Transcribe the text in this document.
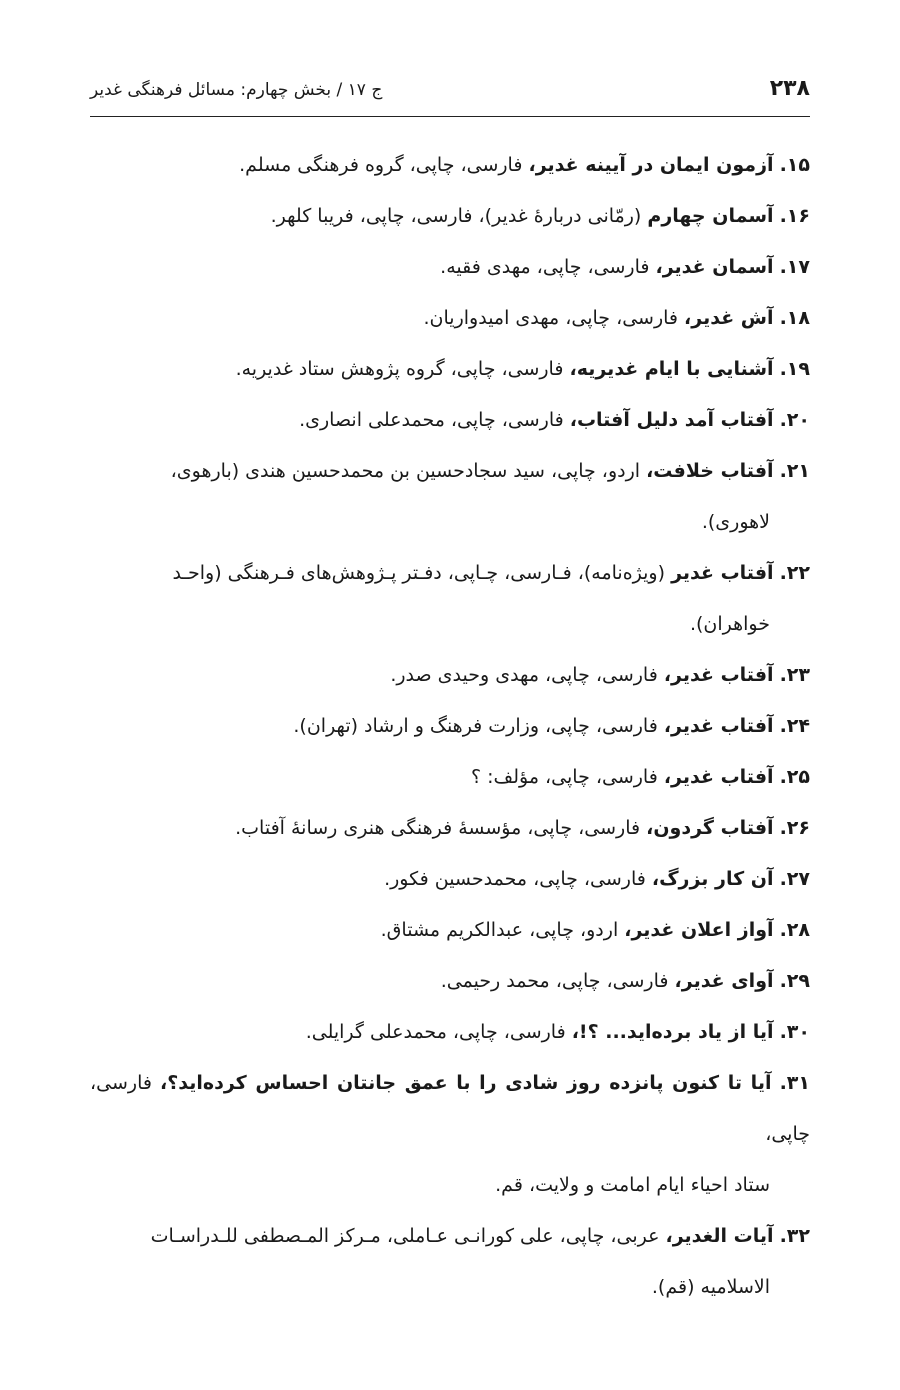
۲۳۸
ج ۱۷ / بخش چهارم: مسائل فرهنگی غدیر
۱۵. آزمون ایمان در آیینه غدیر، فارسی، چاپی، گروه فرهنگی مسلم.
۱۶. آسمان چهارم (رمّانی دربارۀ غدیر)، فارسی، چاپی، فریبا کلهر.
۱۷. آسمان غدیر، فارسی، چاپی، مهدی فقیه.
۱۸. آش غدیر، فارسی، چاپی، مهدی امیدواریان.
۱۹. آشنایی با ایام غدیریه، فارسی، چاپی، گروه پژوهش ستاد غدیریه.
۲۰. آفتاب آمد دلیل آفتاب، فارسی، چاپی، محمدعلی انصاری.
۲۱. آفتاب خلافت، اردو، چاپی، سید سجادحسین بن محمدحسین هندی (بارهوی،
لاهوری).
۲۲. آفتاب غدیر (ویژه‌نامه)، فـارسی، چـاپی، دفـتر پـژوهش‌های فـرهنگی (واحـد
خواهران).
۲۳. آفتاب غدیر، فارسی، چاپی، مهدی وحیدی صدر.
۲۴. آفتاب غدیر، فارسی، چاپی، وزارت فرهنگ و ارشاد (تهران).
۲۵. آفتاب غدیر، فارسی، چاپی، مؤلف: ؟
۲۶. آفتاب گردون، فارسی، چاپی، مؤسسۀ فرهنگی هنری رسانۀ آفتاب.
۲۷. آن کار بزرگ، فارسی، چاپی، محمدحسین فکور.
۲۸. آواز اعلان غدیر، اردو، چاپی، عبدالکریم مشتاق.
۲۹. آوای غدیر، فارسی، چاپی، محمد رحیمی.
۳۰. آیا از یاد برده‌اید... ؟!، فارسی، چاپی، محمدعلی گرایلی.
۳۱. آیا تا کنون پانزده روز شادی را با عمق جانتان احساس کرده‌اید؟، فارسی، چاپی،
ستاد احیاء ایام امامت و ولایت، قم.
۳۲. آیات الغدیر، عربی، چاپی، علی کورانـی عـاملی، مـرکز المـصطفی للـدراسـات
الاسلامیه (قم).
